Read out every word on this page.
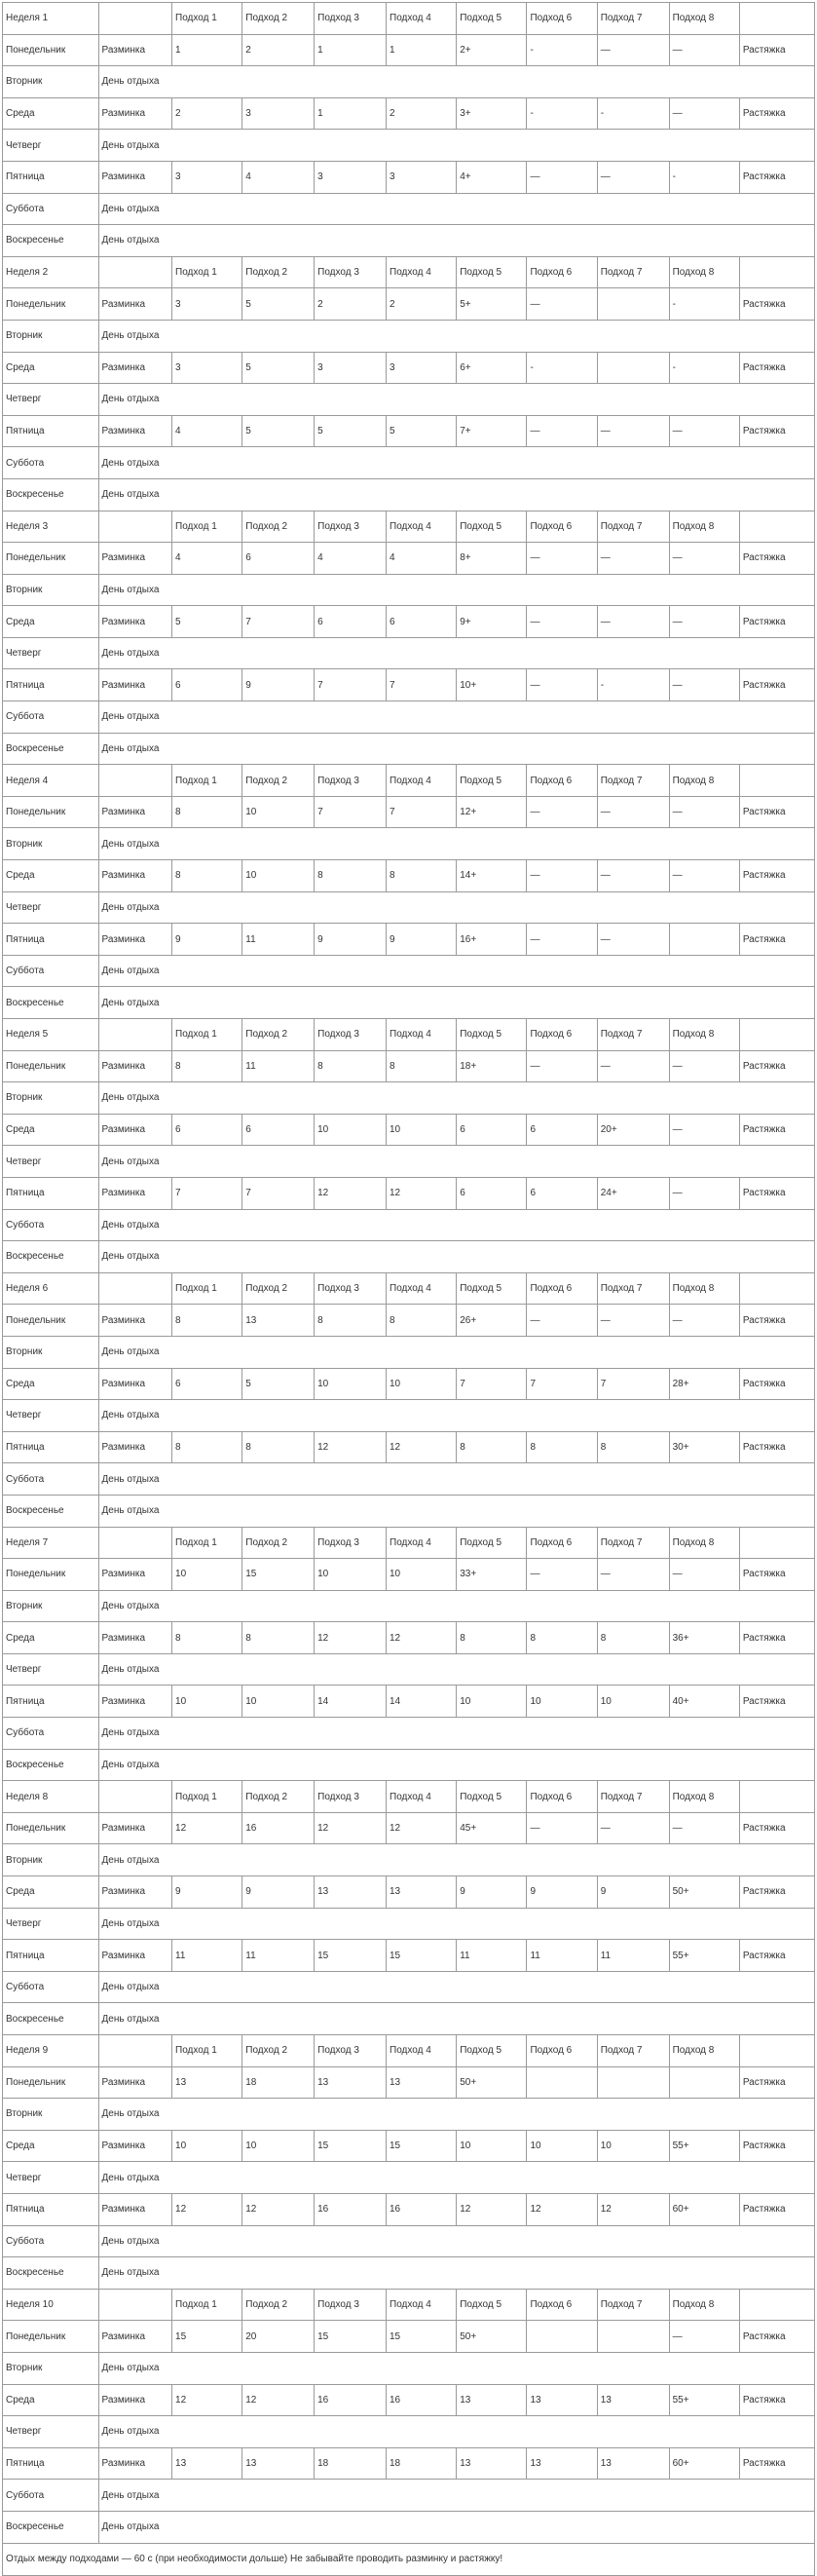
Неделя 1		Подход 1	Подход 2	Подход 3	Подход 4	Подход 5	Подход 6	Подход 7	Подход 8	
Понедельник	Разминка	1	2	1	1	2+	-	—	—	Растяжка
Вторник	День отдыха									
Среда	Разминка	2	3	1	2	3+	-	-	—	Растяжка
Четверг	День отдыха									
Пятница	Разминка	3	4	3	3	4+	—	—	-	Растяжка
Суббота	День отдыха									
Воскресенье	День отдыха									
Неделя 2		Подход 1	Подход 2	Подход 3	Подход 4	Подход 5	Подход 6	Подход 7	Подход 8	
Понедельник	Разминка	3	5	2	2	5+	—		-	Растяжка
Вторник	День отдыха									
Среда	Разминка	3	5	3	3	6+	-		-	Растяжка
Четверг	День отдыха									
Пятница	Разминка	4	5	5	5	7+	—	—	—	Растяжка
Суббота	День отдыха									
Воскресенье	День отдыха									
Неделя 3		Подход 1	Подход 2	Подход 3	Подход 4	Подход 5	Подход 6	Подход 7	Подход 8	
Понедельник	Разминка	4	6	4	4	8+	—	—	—	Растяжка
Вторник	День отдыха									
Среда	Разминка	5	7	6	6	9+	—	—	—	Растяжка
Четверг	День отдыха									
Пятница	Разминка	6	9	7	7	10+	—	-	—	Растяжка
Суббота	День отдыха									
Воскресенье	День отдыха									
Неделя 4		Подход 1	Подход 2	Подход 3	Подход 4	Подход 5	Подход 6	Подход 7	Подход 8	
Понедельник	Разминка	8	10	7	7	12+	—	—	—	Растяжка
Вторник	День отдыха									
Среда	Разминка	8	10	8	8	14+	—	—	—	Растяжка
Четверг	День отдыха									
Пятница	Разминка	9	11	9	9	16+	—	—		Растяжка
Суббота	День отдыха									
Воскресенье	День отдыха									
Неделя 5		Подход 1	Подход 2	Подход 3	Подход 4	Подход 5	Подход 6	Подход 7	Подход 8	
Понедельник	Разминка	8	11	8	8	18+	—	—	—	Растяжка
Вторник	День отдыха									
Среда	Разминка	6	6	10	10	6	6	20+	—	Растяжка
Четверг	День отдыха									
Пятница	Разминка	7	7	12	12	6	6	24+	—	Растяжка
Суббота	День отдыха									
Воскресенье	День отдыха									
Неделя 6		Подход 1	Подход 2	Подход 3	Подход 4	Подход 5	Подход 6	Подход 7	Подход 8	
Понедельник	Разминка	8	13	8	8	26+	—	—	—	Растяжка
Вторник	День отдыха									
Среда	Разминка	6	5	10	10	7	7	7	28+	Растяжка
Четверг	День отдыха									
Пятница	Разминка	8	8	12	12	8	8	8	30+	Растяжка
Суббота	День отдыха									
Воскресенье	День отдыха									
Неделя 7		Подход 1	Подход 2	Подход 3	Подход 4	Подход 5	Подход 6	Подход 7	Подход 8	
Понедельник	Разминка	10	15	10	10	33+	—	—	—	Растяжка
Вторник	День отдыха									
Среда	Разминка	8	8	12	12	8	8	8	36+	Растяжка
Четверг	День отдыха									
Пятница	Разминка	10	10	14	14	10	10	10	40+	Растяжка
Суббота	День отдыха									
Воскресенье	День отдыха									
Неделя 8		Подход 1	Подход 2	Подход 3	Подход 4	Подход 5	Подход 6	Подход 7	Подход 8	
Понедельник	Разминка	12	16	12	12	45+	—	—	—	Растяжка
Вторник	День отдыха									
Среда	Разминка	9	9	13	13	9	9	9	50+	Растяжка
Четверг	День отдыха									
Пятница	Разминка	11	11	15	15	11	11	11	55+	Растяжка
Суббота	День отдыха									
Воскресенье	День отдыха									
Неделя 9		Подход 1	Подход 2	Подход 3	Подход 4	Подход 5	Подход 6	Подход 7	Подход 8	
Понедельник	Разминка	13	18	13	13	50+				Растяжка
Вторник	День отдыха									
Среда	Разминка	10	10	15	15	10	10	10	55+	Растяжка
Четверг	День отдыха									
Пятница	Разминка	12	12	16	16	12	12	12	60+	Растяжка
Суббота	День отдыха									
Воскресенье	День отдыха									
Неделя 10		Подход 1	Подход 2	Подход 3	Подход 4	Подход 5	Подход 6	Подход 7	Подход 8	
Понедельник	Разминка	15	20	15	15	50+			—	Растяжка
Вторник	День отдыха									
Среда	Разминка	12	12	16	16	13	13	13	55+	Растяжка
Четверг	День отдыха									
Пятница	Разминка	13	13	18	18	13	13	13	60+	Растяжка
Суббота	День отдыха									
Воскресенье	День отдыха									
Отдых между подходами — 60 с (при необходимости дольше) Не забывайте проводить разминку и растяжку!										
